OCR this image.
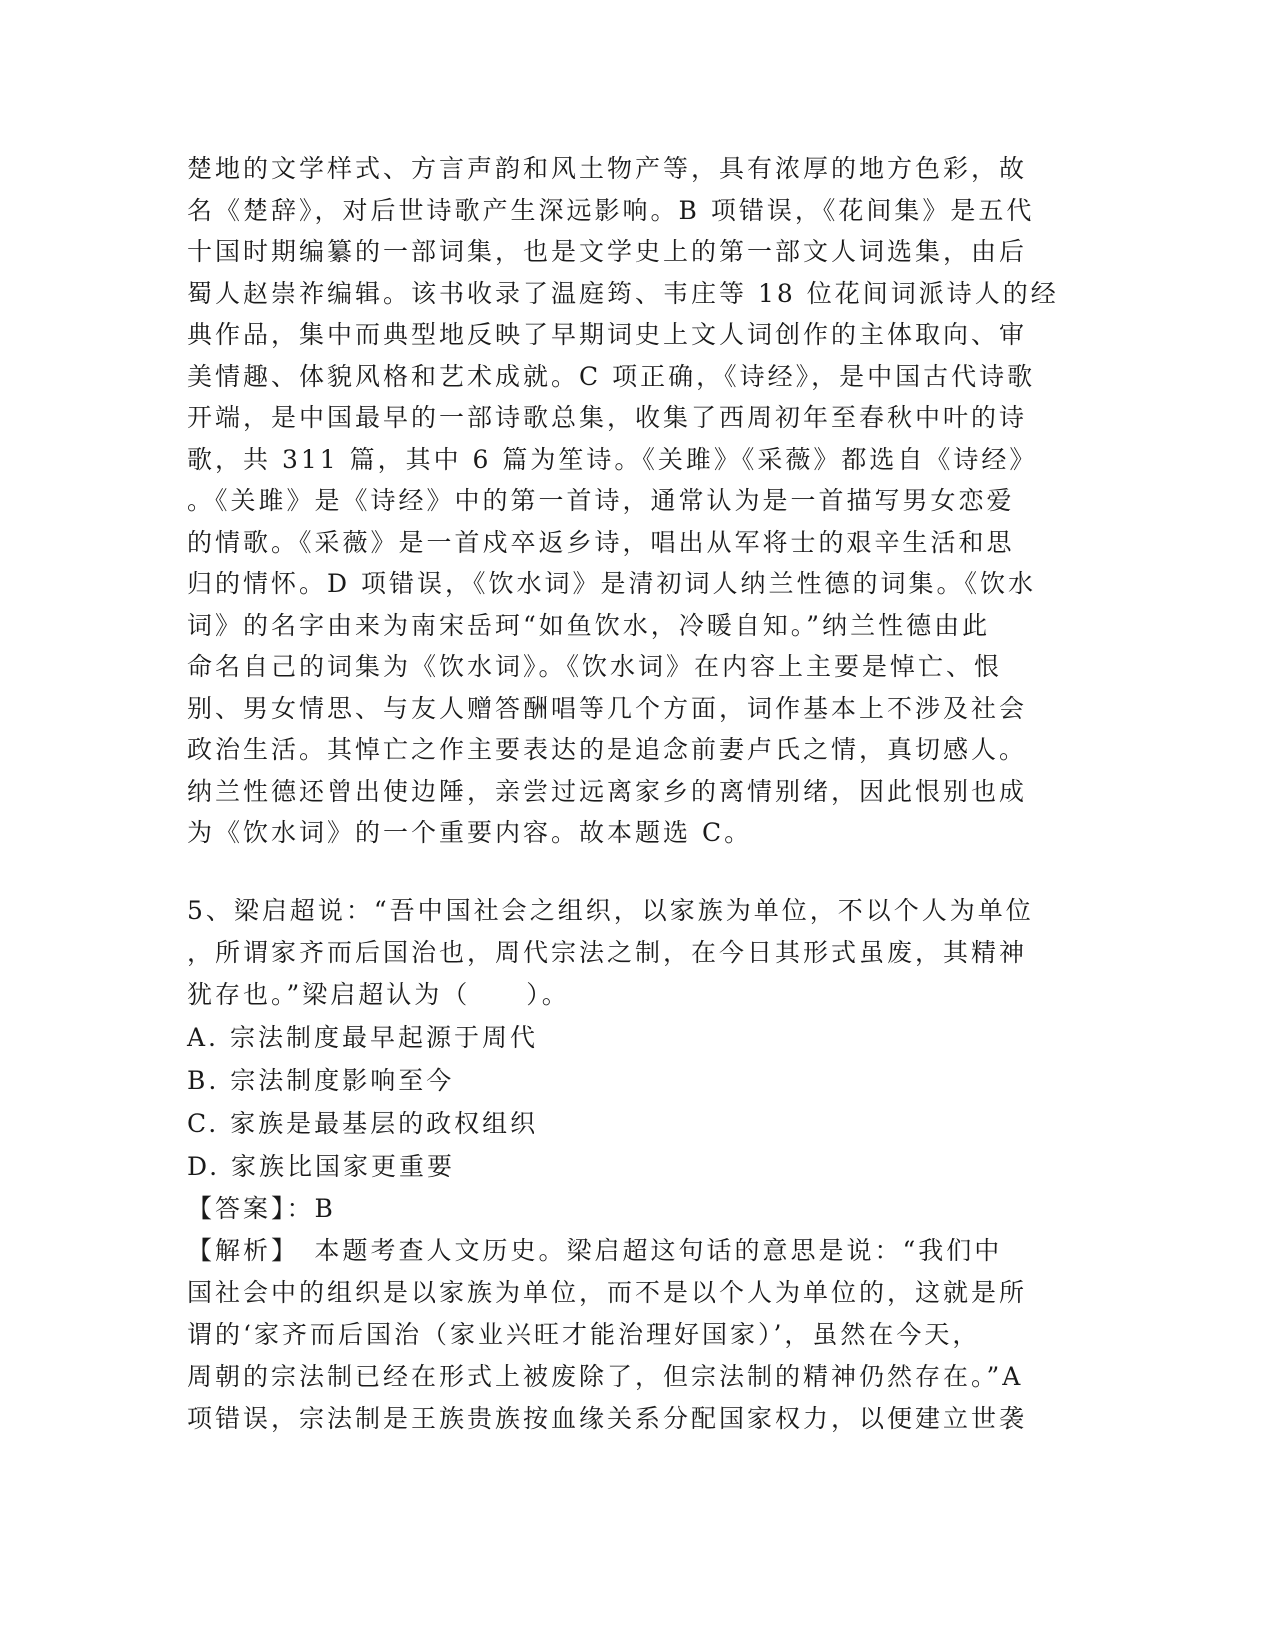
楚地的文学样式、方言声韵和风土物产等，具有浓厚的地方色彩，故
名《楚辞》，对后世诗歌产生深远影响。B 项错误，《花间集》是五代
十国时期编纂的一部词集，也是文学史上的第一部文人词选集，由后
蜀人赵崇祚编辑。该书收录了温庭筠、韦庄等 18 位花间词派诗人的经
典作品，集中而典型地反映了早期词史上文人词创作的主体取向、审
美情趣、体貌风格和艺术成就。C 项正确，《诗经》，是中国古代诗歌
开端，是中国最早的一部诗歌总集，收集了西周初年至春秋中叶的诗
歌，共 311 篇，其中 6 篇为笙诗。《关雎》《采薇》都选自《诗经》
。《关雎》是《诗经》中的第一首诗，通常认为是一首描写男女恋爱
的情歌。《采薇》是一首戍卒返乡诗，唱出从军将士的艰辛生活和思
归的情怀。D 项错误，《饮水词》是清初词人纳兰性德的词集。《饮水
词》的名字由来为南宋岳珂“如鱼饮水，冷暖自知。”纳兰性德由此
命名自己的词集为《饮水词》。《饮水词》在内容上主要是悼亡、恨
别、男女情思、与友人赠答酬唱等几个方面，词作基本上不涉及社会
政治生活。其悼亡之作主要表达的是追念前妻卢氏之情，真切感人。
纳兰性德还曾出使边陲，亲尝过远离家乡的离情别绪，因此恨别也成
为《饮水词》的一个重要内容。故本题选 C。
5、梁启超说：“吾中国社会之组织，以家族为单位，不以个人为单位
，所谓家齐而后国治也，周代宗法之制，在今日其形式虽废，其精神
犹存也。”梁启超认为（　　）。
A. 宗法制度最早起源于周代
B. 宗法制度影响至今
C. 家族是最基层的政权组织
D. 家族比国家更重要
【答案】：B
【解析】　本题考查人文历史。梁启超这句话的意思是说：“我们中
国社会中的组织是以家族为单位，而不是以个人为单位的，这就是所
谓的‘家齐而后国治（家业兴旺才能治理好国家）’，虽然在今天，
周朝的宗法制已经在形式上被废除了，但宗法制的精神仍然存在。”A
项错误，宗法制是王族贵族按血缘关系分配国家权力，以便建立世袭
